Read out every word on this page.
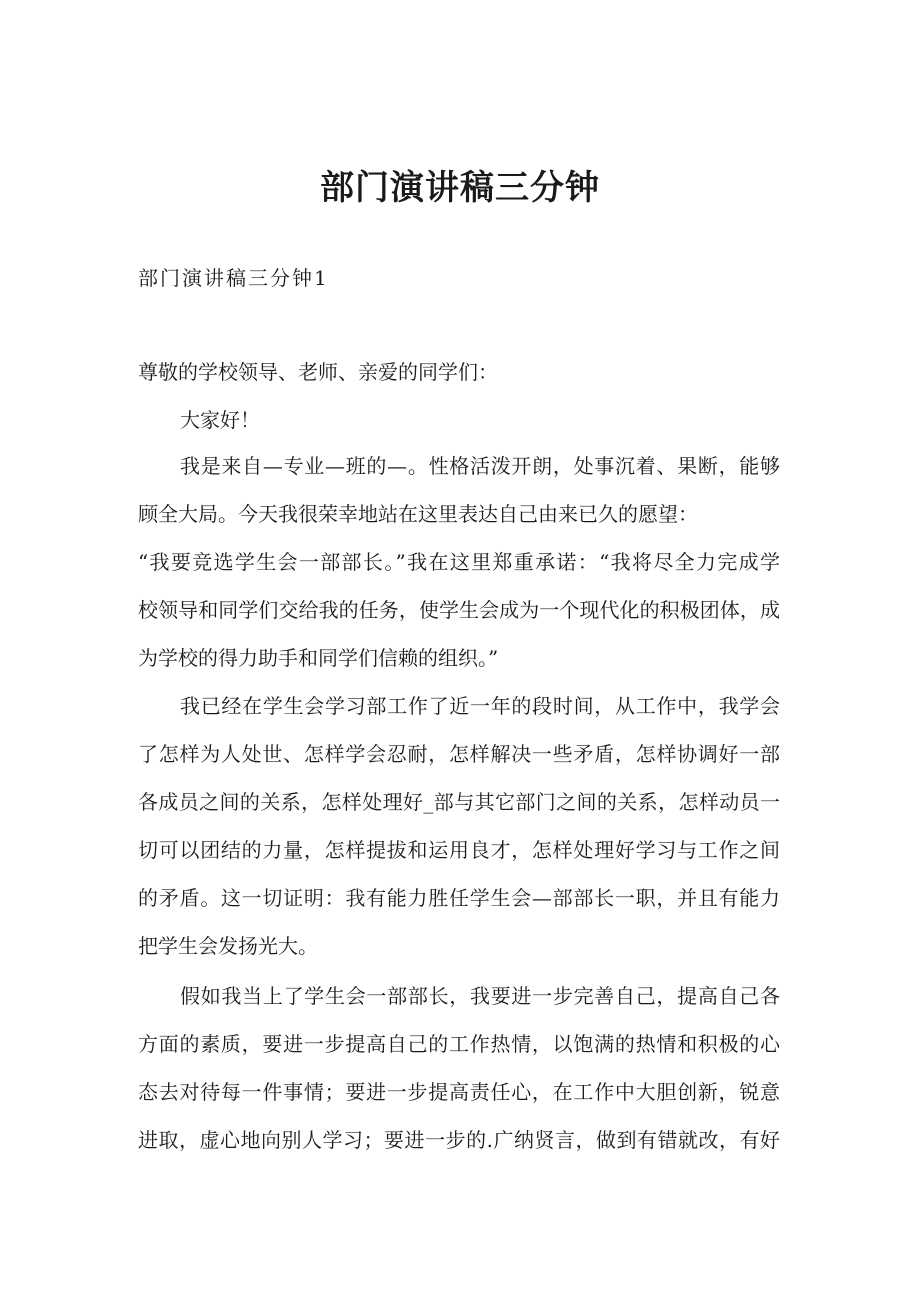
部门演讲稿三分钟

部门演讲稿三分钟1

尊敬的学校领导、老师、亲爱的同学们：

大家好！

我是来自—专业—班的—。性格活泼开朗，处事沉着、果断，能够

顾全大局。今天我很荣幸地站在这里表达自己由来已久的愿望：

“我要竞选学生会一部部长。”我在这里郑重承诺：“我将尽全力完成学

校领导和同学们交给我的任务，使学生会成为一个现代化的积极团体，成

为学校的得力助手和同学们信赖的组织。”

我已经在学生会学习部工作了近一年的段时间，从工作中，我学会

了怎样为人处世、怎样学会忍耐，怎样解决一些矛盾，怎样协调好一部

各成员之间的关系，怎样处理好_部与其它部门之间的关系，怎样动员一

切可以团结的力量，怎样提拔和运用良才，怎样处理好学习与工作之间

的矛盾。这一切证明：我有能力胜任学生会—部部长一职，并且有能力

把学生会发扬光大。

假如我当上了学生会一部部长，我要进一步完善自己，提高自己各

方面的素质，要进一步提高自己的工作热情，以饱满的热情和积极的心

态去对待每一件事情；要进一步提高责任心，在工作中大胆创新，锐意

进取，虚心地向别人学习；要进一步的.广纳贤言，做到有错就改，有好
